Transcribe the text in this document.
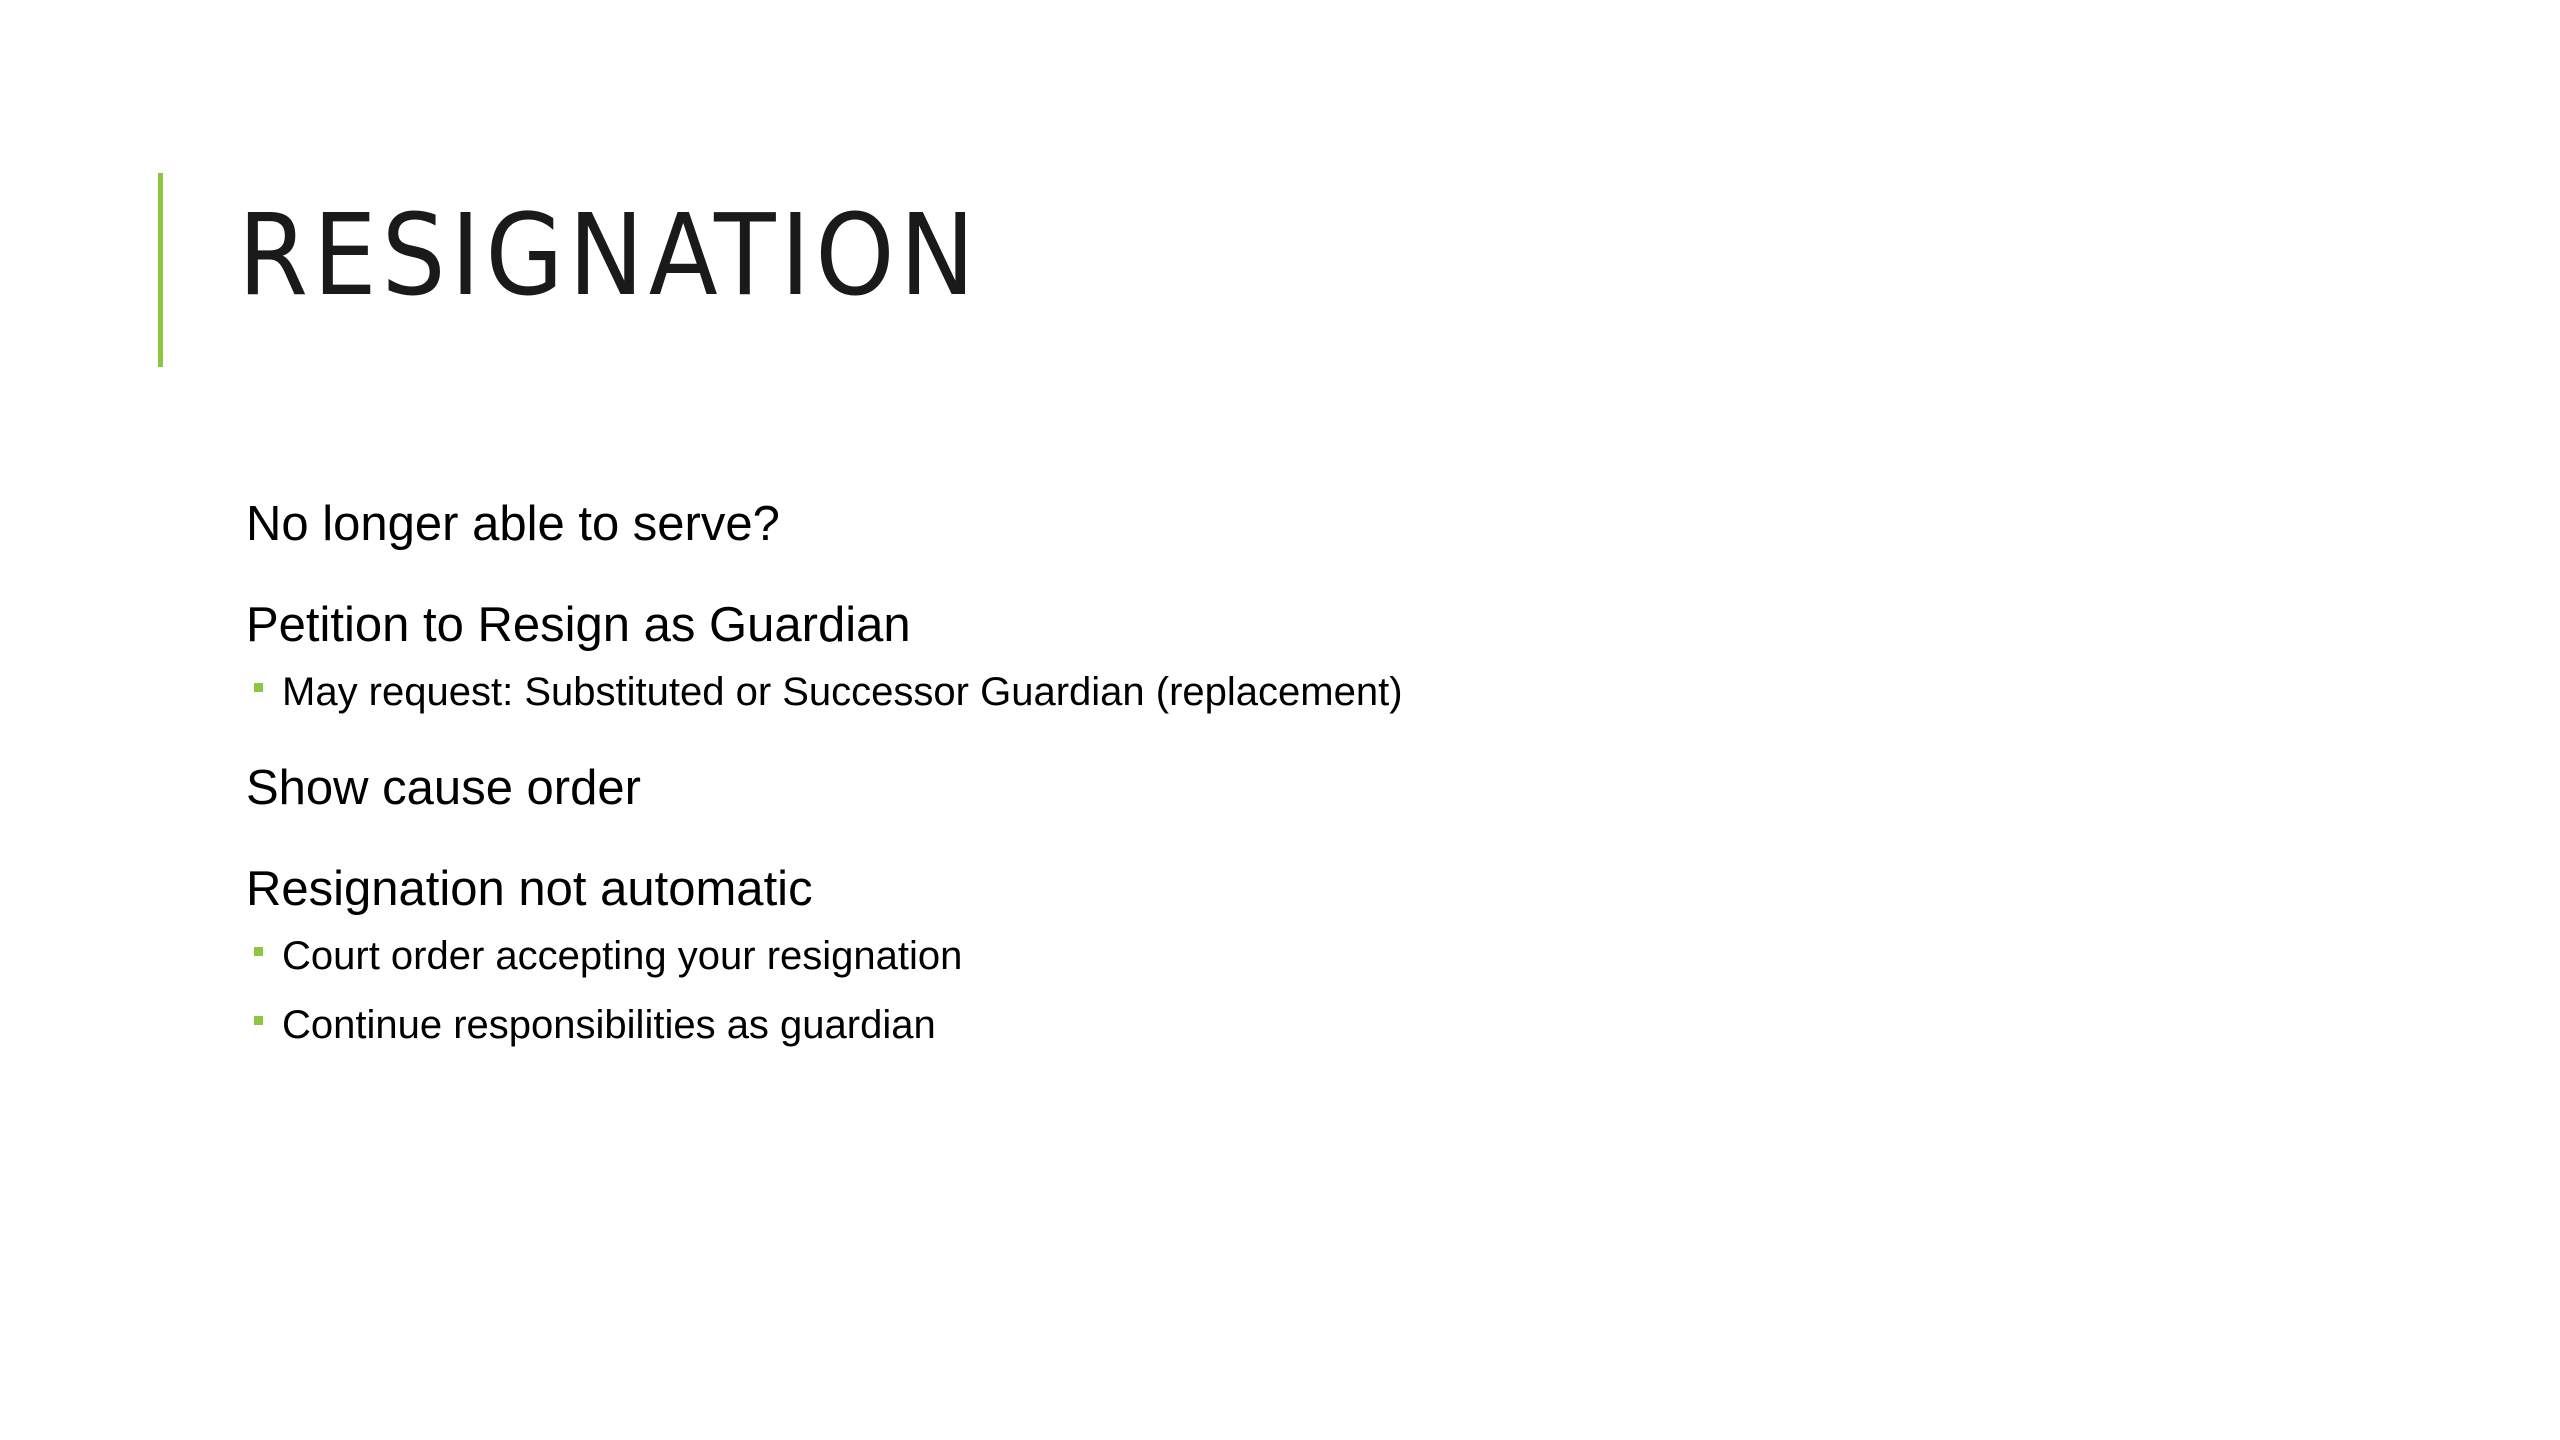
RESIGNATION
No longer able to serve?
Petition to Resign as Guardian
May request: Substituted or Successor Guardian (replacement)
Show cause order
Resignation not automatic
Court order accepting your resignation
Continue responsibilities as guardian
